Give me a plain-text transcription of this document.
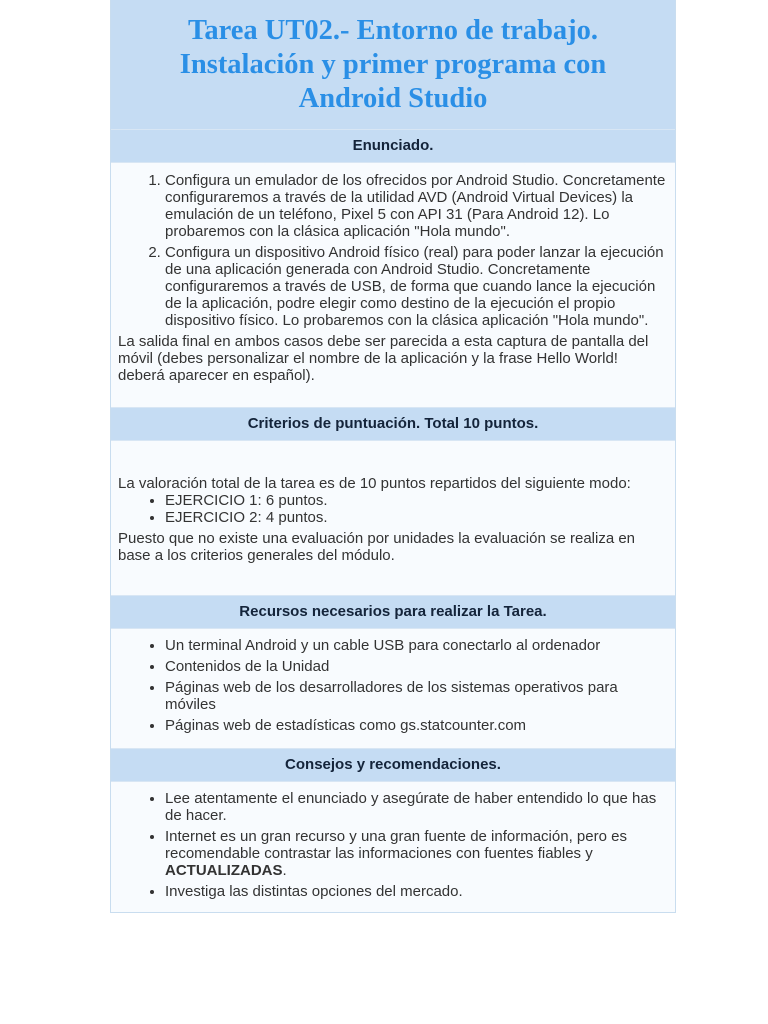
Tarea UT02.- Entorno de trabajo.
Instalación y primer programa con
Android Studio
Enunciado.
1. Configura un emulador de los ofrecidos por Android Studio. Concretamente configuraremos a través de la utilidad AVD (Android Virtual Devices) la emulación de un teléfono, Pixel 5 con API 31 (Para Android 12). Lo probaremos con la clásica aplicación "Hola mundo".
2. Configura un dispositivo Android físico (real) para poder lanzar la ejecución de una aplicación generada con Android Studio. Concretamente configuraremos a través de USB, de forma que cuando lance la ejecución de la aplicación, podre elegir como destino de la ejecución el propio dispositivo físico. Lo probaremos con la clásica aplicación "Hola mundo".

La salida final en ambos casos debe ser parecida a esta captura de pantalla del móvil (debes personalizar el nombre de la aplicación y la frase Hello World! deberá aparecer en español).

Criterios de puntuación. Total 10 puntos.

La valoración total de la tarea es de 10 puntos repartidos del siguiente modo:

• EJERCICIO 1: 6 puntos.
• EJERCICIO 2: 4 puntos.

Puesto que no existe una evaluación por unidades la evaluación se realiza en base a los criterios generales del módulo.

Recursos necesarios para realizar la Tarea.
• Un terminal Android y un cable USB para conectarlo al ordenador
• Contenidos de la Unidad
• Páginas web de los desarrolladores de los sistemas operativos para móviles
• Páginas web de estadísticas como gs.statcounter.com
Consejos y recomendaciones.
• Lee atentamente el enunciado y asegúrate de haber entendido lo que has de hacer.
• Internet es un gran recurso y una gran fuente de información, pero es recomendable contrastar las informaciones con fuentes fiables y ACTUALIZADAS.
• Investiga las distintas opciones del mercado.
